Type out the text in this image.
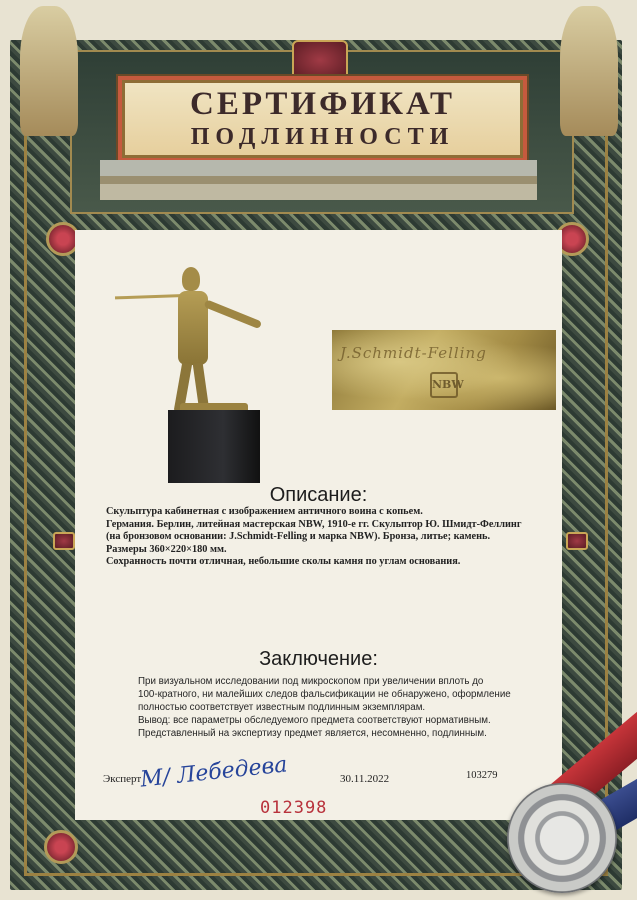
СЕРТИФИКАТ
ПОДЛИННОСТИ
J.Schmidt-Felling
NBW
Описание:
Скульптура кабинетная с изображением античного воина с копьем.
Германия. Берлин, литейная мастерская NBW, 1910-е гг. Скульптор Ю. Шмидт-Феллинг
(на бронзовом основании: J.Schmidt-Felling и марка NBW). Бронза, литье; камень.
Размеры 360×220×180 мм.
Сохранность почти отличная, небольшие сколы камня по углам основания.
Заключение:
При визуальном исследовании под микроскопом при увеличении вплоть до
100-кратного, ни малейших следов фальсификации не обнаружено, оформление
полностью соответствует известным подлинным экземплярам.
Вывод: все параметры обследуемого предмета соответствуют нормативным.
Представленный на экспертизу предмет является, несомненно, подлинным.
Эксперт
M/ Лебедева	30.11.2022	103279
012398
